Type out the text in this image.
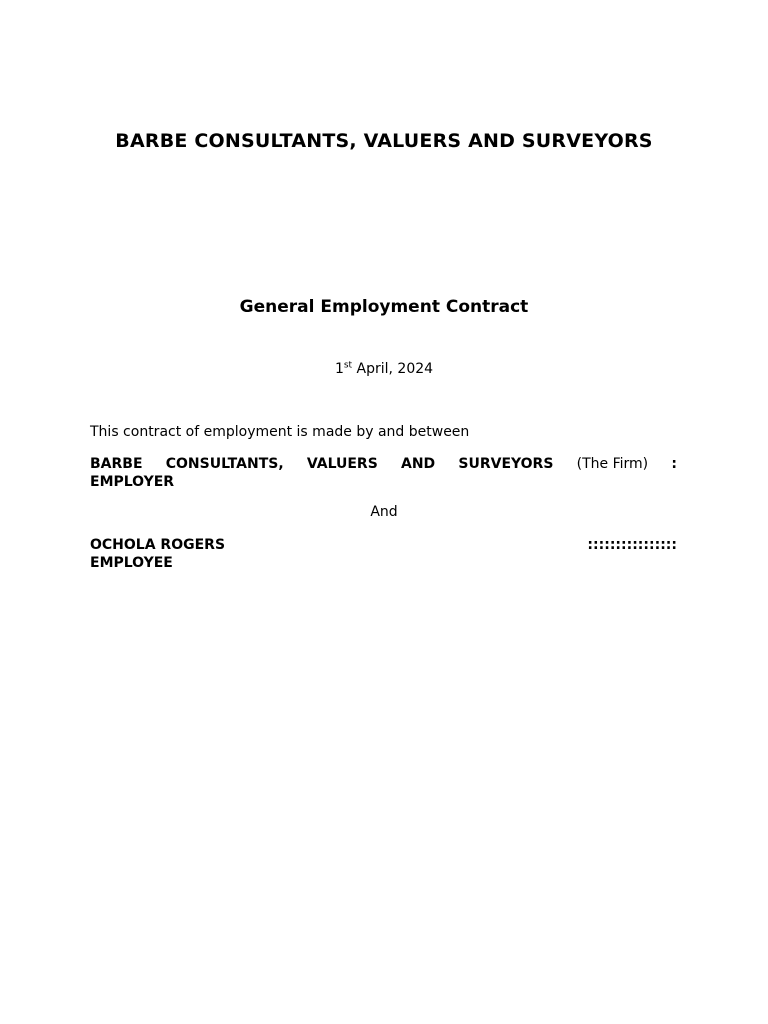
BARBE CONSULTANTS, VALUERS AND SURVEYORS
General Employment Contract
1st April, 2024
This contract of employment is made by and between
BARBE CONSULTANTS, VALUERS AND SURVEYORS (The Firm) :
EMPLOYER
And
OCHOLA ROGERS	::::::::::::::::
EMPLOYEE
